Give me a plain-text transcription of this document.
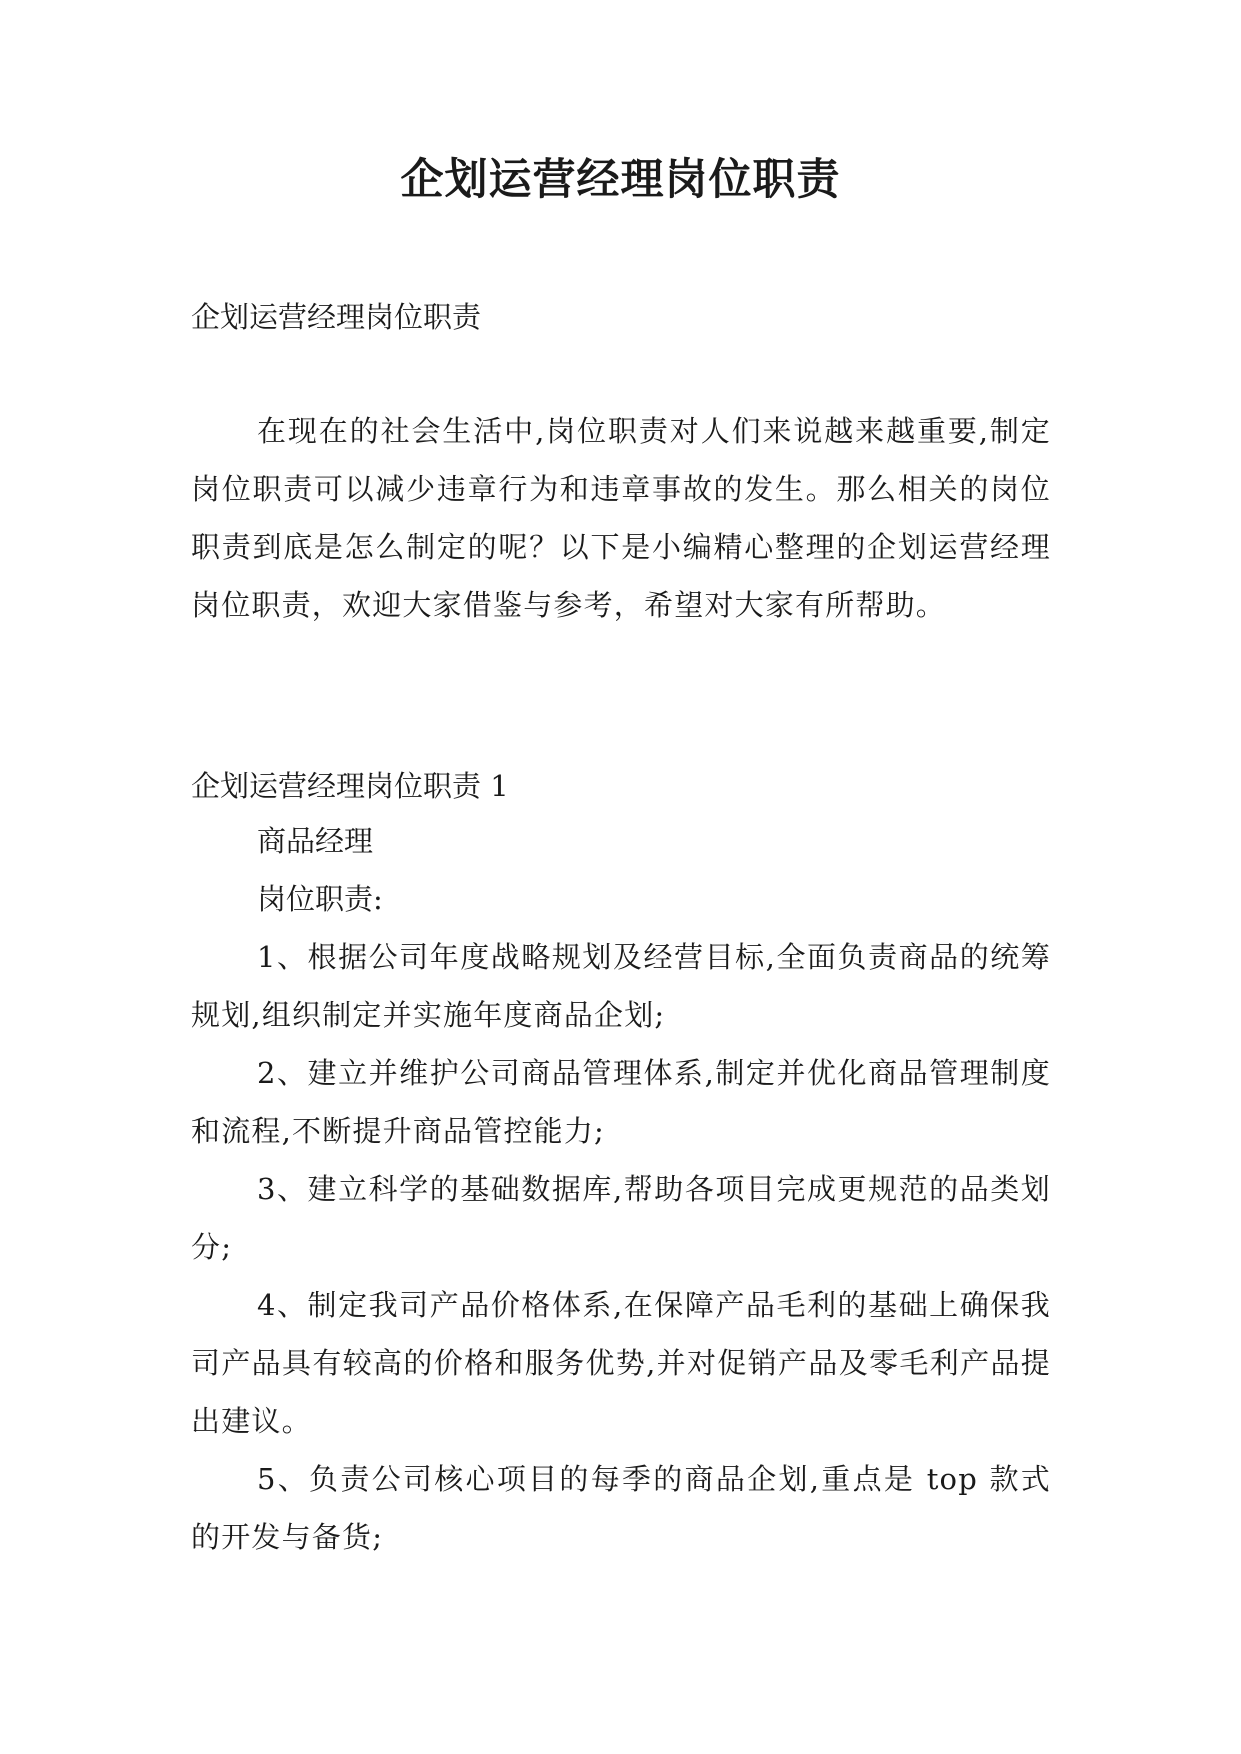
企划运营经理岗位职责

企划运营经理岗位职责

在现在的社会生活中,岗位职责对人们来说越来越重要,制定岗位职责可以减少违章行为和违章事故的发生。那么相关的岗位职责到底是怎么制定的呢？以下是小编精心整理的企划运营经理岗位职责，欢迎大家借鉴与参考，希望对大家有所帮助。

企划运营经理岗位职责 1

商品经理

岗位职责:

1、根据公司年度战略规划及经营目标,全面负责商品的统筹规划,组织制定并实施年度商品企划;

2、建立并维护公司商品管理体系,制定并优化商品管理制度和流程,不断提升商品管控能力;

3、建立科学的基础数据库,帮助各项目完成更规范的品类划分;

4、制定我司产品价格体系,在保障产品毛利的基础上确保我司产品具有较高的价格和服务优势,并对促销产品及零毛利产品提出建议。

5、负责公司核心项目的每季的商品企划,重点是 top 款式的开发与备货;
